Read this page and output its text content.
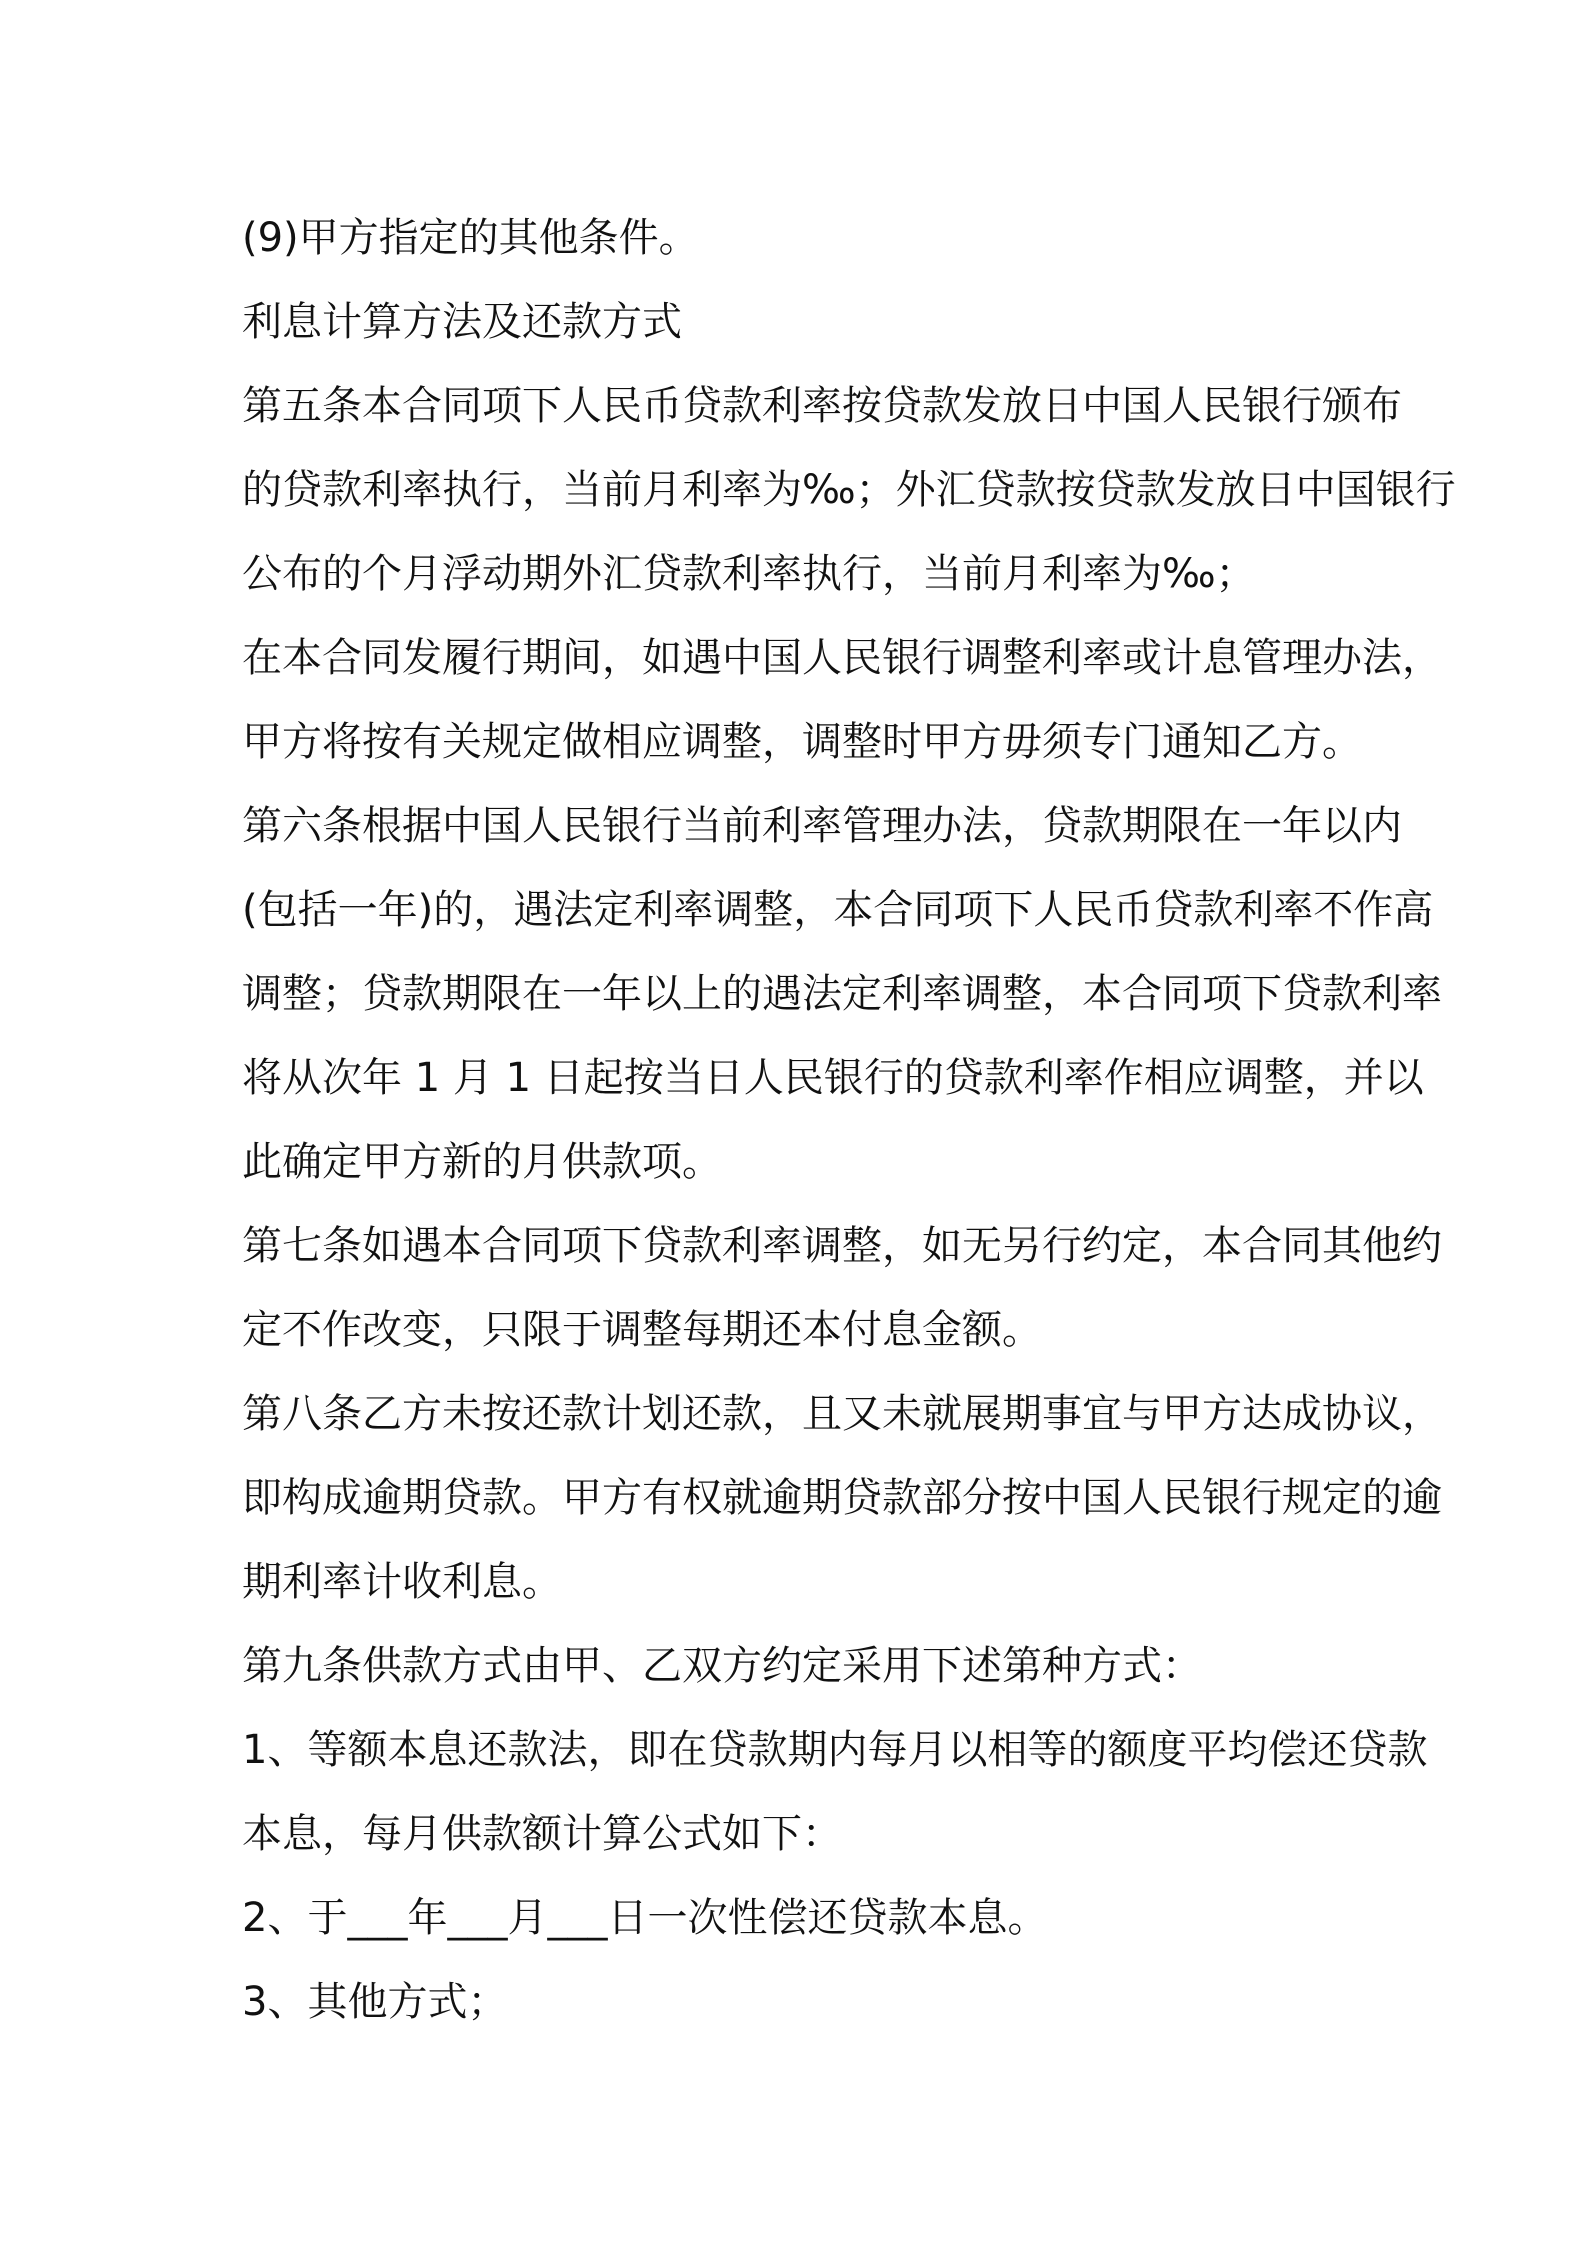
(9)甲方指定的其他条件。
利息计算方法及还款方式
第五条本合同项下人民币贷款利率按贷款发放日中国人民银行颁布
的贷款利率执行，当前月利率为‰；外汇贷款按贷款发放日中国银行
公布的个月浮动期外汇贷款利率执行，当前月利率为‰；
在本合同发履行期间，如遇中国人民银行调整利率或计息管理办法，
甲方将按有关规定做相应调整，调整时甲方毋须专门通知乙方。
第六条根据中国人民银行当前利率管理办法，贷款期限在一年以内
(包括一年)的，遇法定利率调整，本合同项下人民币贷款利率不作高
调整；贷款期限在一年以上的遇法定利率调整，本合同项下贷款利率
将从次年 1 月 1 日起按当日人民银行的贷款利率作相应调整，并以
此确定甲方新的月供款项。
第七条如遇本合同项下贷款利率调整，如无另行约定，本合同其他约
定不作改变，只限于调整每期还本付息金额。
第八条乙方未按还款计划还款，且又未就展期事宜与甲方达成协议，
即构成逾期贷款。甲方有权就逾期贷款部分按中国人民银行规定的逾
期利率计收利息。
第九条供款方式由甲、乙双方约定采用下述第种方式：
1、等额本息还款法，即在贷款期内每月以相等的额度平均偿还贷款
本息，每月供款额计算公式如下：
2、于___年___月___日一次性偿还贷款本息。
3、其他方式；
